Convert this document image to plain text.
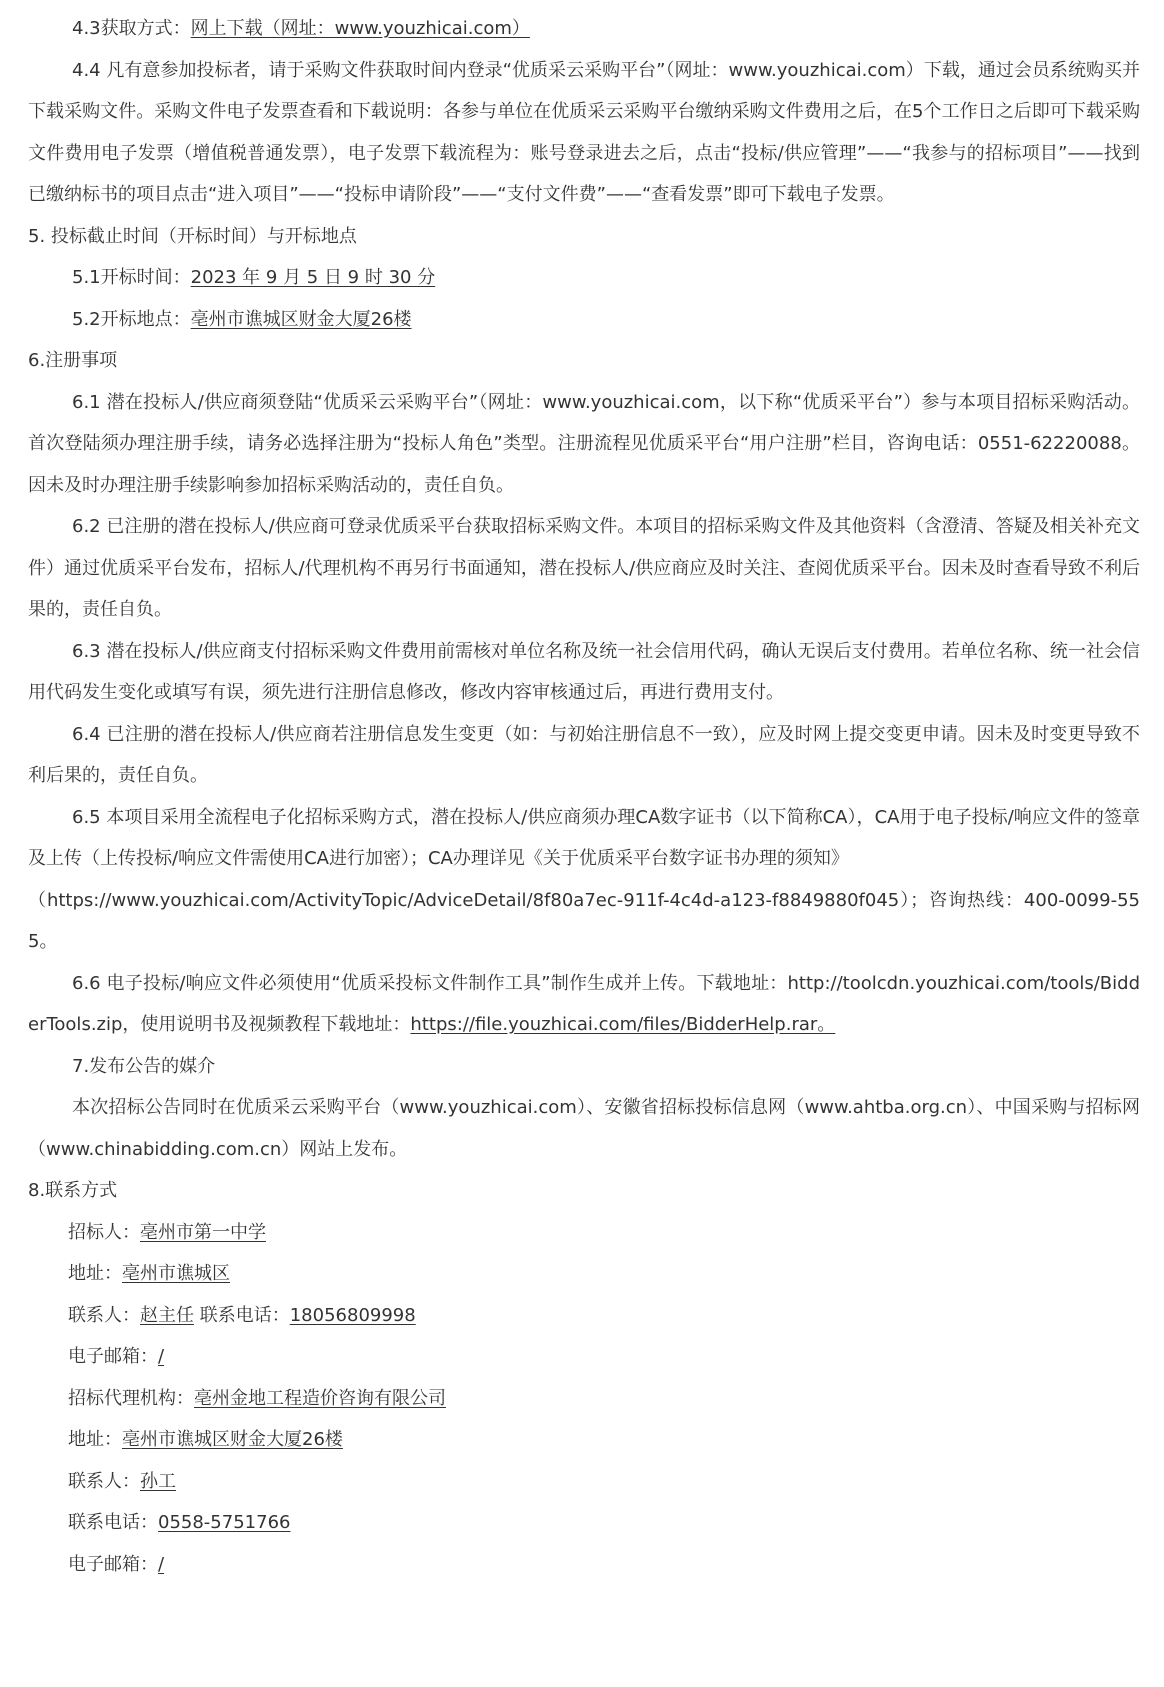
4.3获取方式：网上下载（网址：www.youzhicai.com）
4.4 凡有意参加投标者，请于采购文件获取时间内登录“优质采云采购平台”（网址：www.youzhicai.com）下载，通过会员系统购买并下载采购文件。采购文件电子发票查看和下载说明：各参与单位在优质采云采购平台缴纳采购文件费用之后，在5个工作日之后即可下载采购文件费用电子发票（增值税普通发票），电子发票下载流程为：账号登录进去之后，点击“投标/供应管理”——“我参与的招标项目”——找到已缴纳标书的项目点击“进入项目”——“投标申请阶段”——“支付文件费”——“查看发票”即可下载电子发票。
5. 投标截止时间（开标时间）与开标地点
5.1开标时间：2023 年 9 月 5 日 9 时 30 分
5.2开标地点：亳州市谯城区财金大厦26楼
6.注册事项
6.1 潜在投标人/供应商须登陆“优质采云采购平台”（网址：www.youzhicai.com，以下称“优质采平台”）参与本项目招标采购活动。首次登陆须办理注册手续，请务必选择注册为“投标人角色”类型。注册流程见优质采平台“用户注册”栏目，咨询电话：0551-62220088。因未及时办理注册手续影响参加招标采购活动的，责任自负。
6.2 已注册的潜在投标人/供应商可登录优质采平台获取招标采购文件。本项目的招标采购文件及其他资料（含澄清、答疑及相关补充文件）通过优质采平台发布，招标人/代理机构不再另行书面通知，潜在投标人/供应商应及时关注、查阅优质采平台。因未及时查看导致不利后果的，责任自负。
6.3 潜在投标人/供应商支付招标采购文件费用前需核对单位名称及统一社会信用代码，确认无误后支付费用。若单位名称、统一社会信用代码发生变化或填写有误，须先进行注册信息修改，修改内容审核通过后，再进行费用支付。
6.4 已注册的潜在投标人/供应商若注册信息发生变更（如：与初始注册信息不一致），应及时网上提交变更申请。因未及时变更导致不利后果的，责任自负。
6.5 本项目采用全流程电子化招标采购方式，潜在投标人/供应商须办理CA数字证书（以下简称CA），CA用于电子投标/响应文件的签章及上传（上传投标/响应文件需使用CA进行加密）；CA办理详见《关于优质采平台数字证书办理的须知》
（https://www.youzhicai.com/ActivityTopic/AdviceDetail/8f80a7ec-911f-4c4d-a123-f8849880f045）；咨询热线：400-0099-555。
6.6 电子投标/响应文件必须使用“优质采投标文件制作工具”制作生成并上传。下载地址：http://toolcdn.youzhicai.com/tools/BidderTools.zip，使用说明书及视频教程下载地址：https://file.youzhicai.com/files/BidderHelp.rar。
7.发布公告的媒介
本次招标公告同时在优质采云采购平台（www.youzhicai.com）、安徽省招标投标信息网（www.ahtba.org.cn）、中国采购与招标网（www.chinabidding.com.cn）网站上发布。
8.联系方式
招标人：亳州市第一中学
地址：亳州市谯城区
联系人：赵主任 联系电话：18056809998
电子邮箱：/
招标代理机构：亳州金地工程造价咨询有限公司
地址：亳州市谯城区财金大厦26楼
联系人：孙工
联系电话：0558-5751766
电子邮箱：/
